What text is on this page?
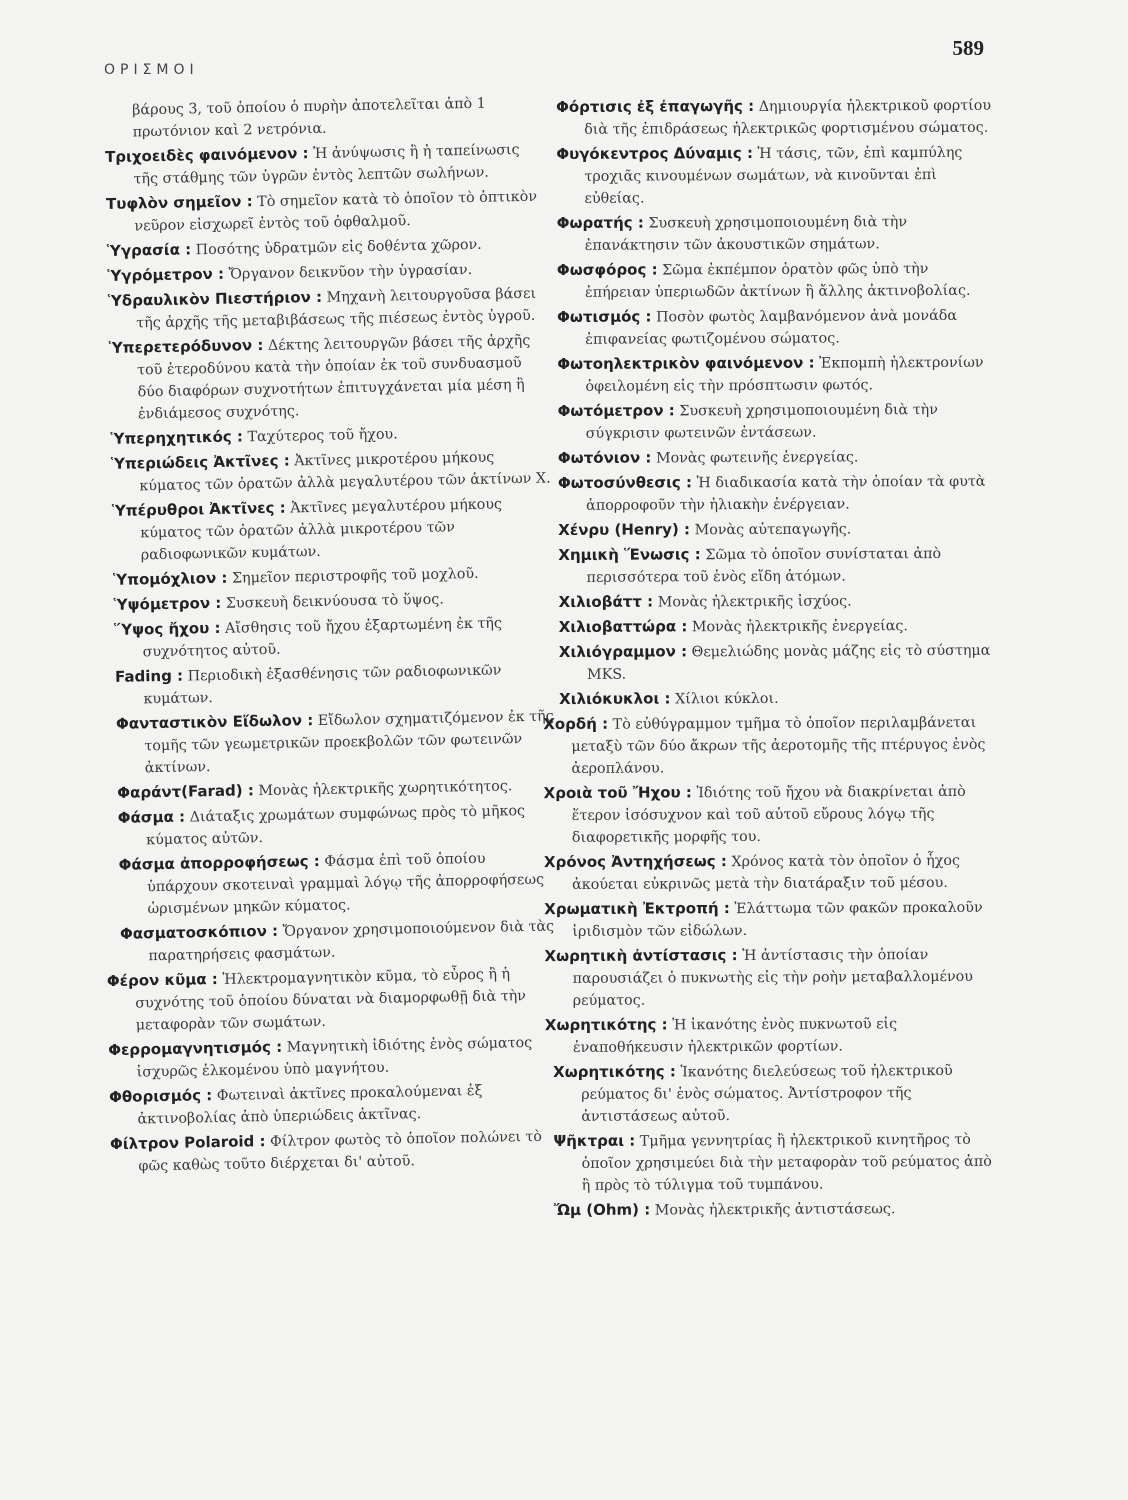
ΟΡΙΣΜΟΙ
589
βάρους 3, τοῦ ὁποίου ὁ πυρὴν ἀποτελεῖται ἀπὸ 1 πρωτόνιον καὶ 2 νετρόνια.
Τριχοειδὲς φαινόμενον : Ἡ ἀνύψωσις ἢ ἡ ταπείνωσις τῆς στάθμης τῶν ὑγρῶν ἐντὸς λεπτῶν σωλήνων.
Τυφλὸν σημεῖον : Τὸ σημεῖον κατὰ τὸ ὁποῖον τὸ ὀπτικὸν νεῦρον εἰσχωρεῖ ἐντὸς τοῦ ὀφθαλμοῦ.
Ὑγρασία : Ποσότης ὑδρατμῶν εἰς δοθέντα χῶρον.
Ὑγρόμετρον : Ὄργανον δεικνῦον τὴν ὑγρασίαν.
Ὑδραυλικὸν Πιεστήριον : Μηχανὴ λειτουργοῦσα βάσει τῆς ἀρχῆς τῆς μεταβιβάσεως τῆς πιέσεως ἐντὸς ὑγροῦ.
Ὑπερετερόδυνον : Δέκτης λειτουργῶν βάσει τῆς ἀρχῆς τοῦ ἑτεροδύνου κατὰ τὴν ὁποίαν ἐκ τοῦ συνδυασμοῦ δύο διαφόρων συχνοτήτων ἐπιτυγχάνεται μία μέση ἢ ἐνδιάμεσος συχνότης.
Ὑπερηχητικός : Ταχύτερος τοῦ ἤχου.
Ὑπεριώδεις Ἀκτῖνες : Ἀκτῖνες μικροτέρου μήκους κύματος τῶν ὁρατῶν ἀλλὰ μεγαλυτέρου τῶν ἀκτίνων Χ.
Ὑπέρυθροι Ἀκτῖνες : Ἀκτῖνες μεγαλυτέρου μήκους κύματος τῶν ὁρατῶν ἀλλὰ μικροτέρου τῶν ραδιοφωνικῶν κυμάτων.
Ὑπομόχλιον : Σημεῖον περιστροφῆς τοῦ μοχλοῦ.
Ὑψόμετρον : Συσκευὴ δεικνύουσα τὸ ὕψος.
Ὕψος ἤχου : Αἴσθησις τοῦ ἤχου ἐξαρτωμένη ἐκ τῆς συχνότητος αὐτοῦ.
Fading : Περιοδικὴ ἐξασθένησις τῶν ραδιοφωνικῶν κυμάτων.
Φανταστικὸν Εἴδωλον : Εἴδωλον σχηματιζόμενον ἐκ τῆς τομῆς τῶν γεωμετρικῶν προεκβολῶν τῶν φωτεινῶν ἀκτίνων.
Φαράντ(Farad) : Μονὰς ἠλεκτρικῆς χωρητικότητος.
Φάσμα : Διάταξις χρωμάτων συμφώνως πρὸς τὸ μῆκος κύματος αὐτῶν.
Φάσμα ἀπορροφήσεως : Φάσμα ἐπὶ τοῦ ὁποίου ὑπάρχουν σκοτειναὶ γραμμαὶ λόγῳ τῆς ἀπορροφήσεως ὡρισμένων μηκῶν κύματος.
Φασματοσκόπιον : Ὄργανον χρησιμοποιούμενον διὰ τὰς παρατηρήσεις φασμάτων.
Φέρον κῦμα : Ἠλεκτρομαγνητικὸν κῦμα, τὸ εὖρος ἢ ἡ συχνότης τοῦ ὁποίου δύναται νὰ διαμορφωθῇ διὰ τὴν μεταφορὰν τῶν σωμάτων.
Φερρομαγνητισμός : Μαγνητικὴ ἰδιότης ἑνὸς σώματος ἰσχυρῶς ἑλκομένου ὑπὸ μαγνήτου.
Φθορισμός : Φωτειναὶ ἀκτῖνες προκαλούμεναι ἐξ ἀκτινοβολίας ἀπὸ ὑπεριώδεις ἀκτῖνας.
Φίλτρον Polaroid : Φίλτρον φωτὸς τὸ ὁποῖον πολώνει τὸ φῶς καθὼς τοῦτο διέρχεται δι' αὐτοῦ.
Φόρτισις ἐξ ἐπαγωγῆς : Δημιουργία ἠλεκτρικοῦ φορτίου διὰ τῆς ἐπιδράσεως ἠλεκτρικῶς φορτισμένου σώματος.
Φυγόκεντρος Δύναμις : Ἡ τάσις, τῶν, ἐπὶ καμπύλης τροχιᾶς κινουμένων σωμάτων, νὰ κινοῦνται ἐπὶ εὐθείας.
Φωρατής : Συσκευὴ χρησιμοποιουμένη διὰ τὴν ἐπανάκτησιν τῶν ἀκουστικῶν σημάτων.
Φωσφόρος : Σῶμα ἐκπέμπον ὁρατὸν φῶς ὑπὸ τὴν ἐπήρειαν ὑπεριωδῶν ἀκτίνων ἢ ἄλλης ἀκτινοβολίας.
Φωτισμός : Ποσὸν φωτὸς λαμβανόμενον ἀνὰ μονάδα ἐπιφανείας φωτιζομένου σώματος.
Φωτοηλεκτρικὸν φαινόμενον : Ἐκπομπὴ ἠλεκτρονίων ὀφειλομένη εἰς τὴν πρόσπτωσιν φωτός.
Φωτόμετρον : Συσκευὴ χρησιμοποιουμένη διὰ τὴν σύγκρισιν φωτεινῶν ἐντάσεων.
Φωτόνιον : Μονὰς φωτεινῆς ἐνεργείας.
Φωτοσύνθεσις : Ἡ διαδικασία κατὰ τὴν ὁποίαν τὰ φυτὰ ἀπορροφοῦν τὴν ἡλιακὴν ἐνέργειαν.
Χένρυ (Henry) : Μονὰς αὐτεπαγωγῆς.
Χημικὴ Ἕνωσις : Σῶμα τὸ ὁποῖον συνίσταται ἀπὸ περισσότερα τοῦ ἑνὸς εἴδη ἀτόμων.
Χιλιοβάττ : Μονὰς ἠλεκτρικῆς ἰσχύος.
Χιλιοβαττώρα : Μονὰς ἠλεκτρικῆς ἐνεργείας.
Χιλιόγραμμον : Θεμελιώδης μονὰς μάζης εἰς τὸ σύστημα MKS.
Χιλιόκυκλοι : Χίλιοι κύκλοι.
Χορδή : Τὸ εὐθύγραμμον τμῆμα τὸ ὁποῖον περιλαμβάνεται μεταξὺ τῶν δύο ἄκρων τῆς ἀεροτομῆς τῆς πτέρυγος ἑνὸς ἀεροπλάνου.
Χροιὰ τοῦ Ἤχου : Ἰδιότης τοῦ ἤχου νὰ διακρίνεται ἀπὸ ἕτερον ἰσόσυχνον καὶ τοῦ αὐτοῦ εὔρους λόγῳ τῆς διαφορετικῆς μορφῆς του.
Χρόνος Ἀντηχήσεως : Χρόνος κατὰ τὸν ὁποῖον ὁ ἦχος ἀκούεται εὐκρινῶς μετὰ τὴν διατάραξιν τοῦ μέσου.
Χρωματικὴ Ἐκτροπή : Ἐλάττωμα τῶν φακῶν προκαλοῦν ἰριδισμὸν τῶν εἰδώλων.
Χωρητικὴ ἀντίστασις : Ἡ ἀντίστασις τὴν ὁποίαν παρουσιάζει ὁ πυκνωτὴς εἰς τὴν ροὴν μεταβαλλομένου ρεύματος.
Χωρητικότης : Ἡ ἱκανότης ἑνὸς πυκνωτοῦ εἰς ἐναποθήκευσιν ἠλεκτρικῶν φορτίων.
Χωρητικότης : Ἱκανότης διελεύσεως τοῦ ἠλεκτρικοῦ ρεύματος δι' ἑνὸς σώματος. Ἀντίστροφον τῆς ἀντιστάσεως αὐτοῦ.
Ψῆκτραι : Τμῆμα γεννητρίας ἢ ἠλεκτρικοῦ κινητῆρος τὸ ὁποῖον χρησιμεύει διὰ τὴν μεταφορὰν τοῦ ρεύματος ἀπὸ ἢ πρὸς τὸ τύλιγμα τοῦ τυμπάνου.
Ὤμ (Ohm) : Μονὰς ἠλεκτρικῆς ἀντιστάσεως.
